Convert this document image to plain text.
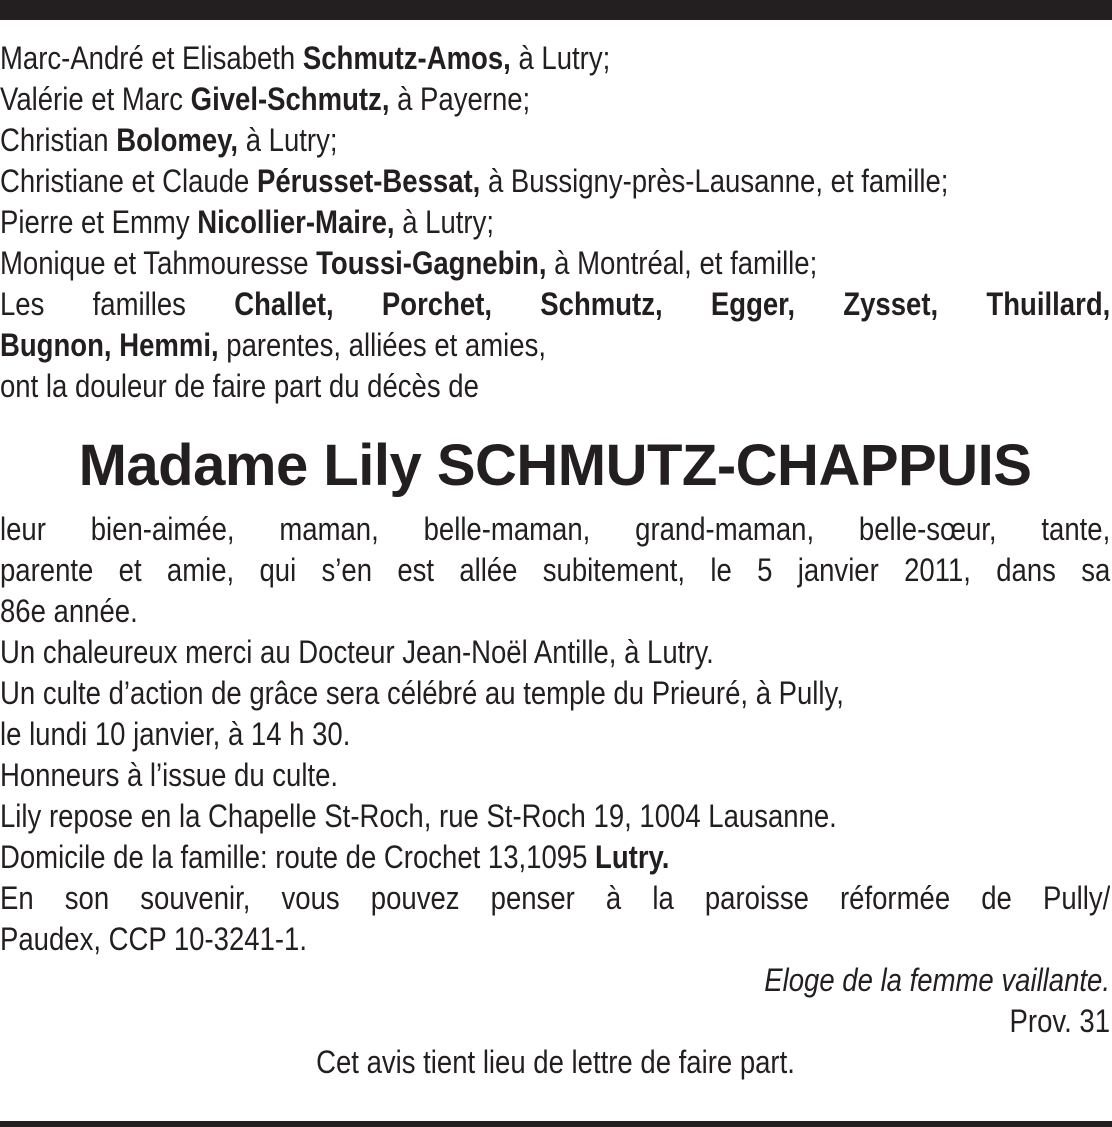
Marc-André et Elisabeth Schmutz-Amos, à Lutry;
Valérie et Marc Givel-Schmutz, à Payerne;
Christian Bolomey, à Lutry;
Christiane et Claude Pérusset-Bessat, à Bussigny-près-Lausanne, et famille;
Pierre et Emmy Nicollier-Maire, à Lutry;
Monique et Tahmouresse Toussi-Gagnebin, à Montréal, et famille;
Les familles Challet, Porchet, Schmutz, Egger, Zysset, Thuillard,
Bugnon, Hemmi, parentes, alliées et amies,
ont la douleur de faire part du décès de
Madame Lily SCHMUTZ-CHAPPUIS
leur bien-aimée, maman, belle-maman, grand-maman, belle-sœur, tante,
parente et amie, qui s’en est allée subitement, le 5 janvier 2011, dans sa
86e année.
Un chaleureux merci au Docteur Jean-Noël Antille, à Lutry.
Un culte d’action de grâce sera célébré au temple du Prieuré, à Pully,
le lundi 10 janvier, à 14 h 30.
Honneurs à l’issue du culte.
Lily repose en la Chapelle St-Roch, rue St-Roch 19, 1004 Lausanne.
Domicile de la famille: route de Crochet 13,1095 Lutry.
En son souvenir, vous pouvez penser à la paroisse réformée de Pully/
Paudex, CCP 10-3241-1.
Eloge de la femme vaillante.
Prov. 31
Cet avis tient lieu de lettre de faire part.
